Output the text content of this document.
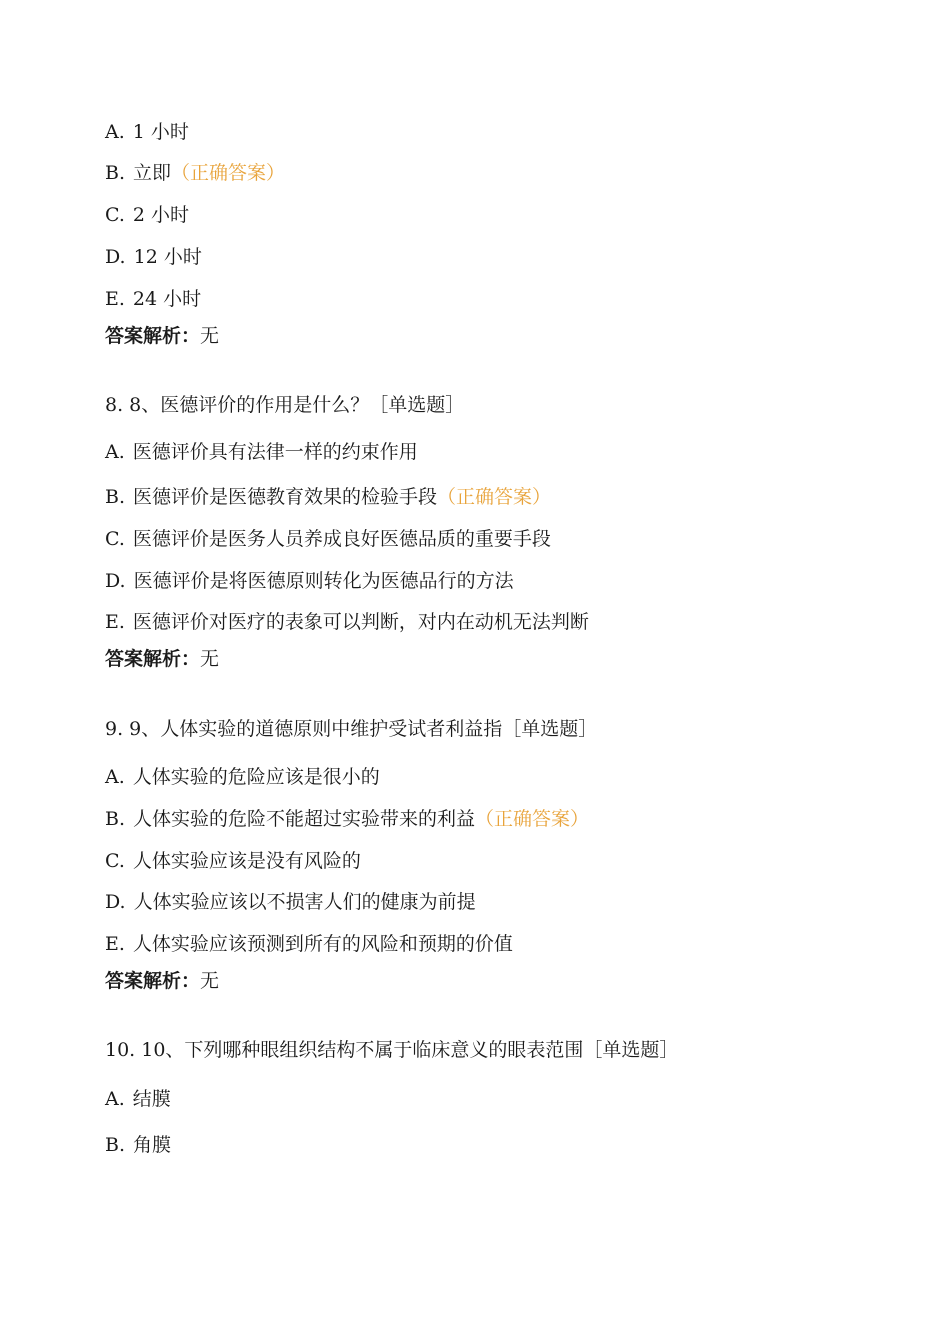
A. 1 小时
B. 立即（正确答案）
C. 2 小时
D. 12 小时
E. 24 小时
答案解析：无
8. 8、医德评价的作用是什么？［单选题］
A. 医德评价具有法律一样的约束作用
B. 医德评价是医德教育效果的检验手段（正确答案）
C. 医德评价是医务人员养成良好医德品质的重要手段
D. 医德评价是将医德原则转化为医德品行的方法
E. 医德评价对医疗的表象可以判断，对内在动机无法判断
答案解析：无
9. 9、人体实验的道德原则中维护受试者利益指［单选题］
A. 人体实验的危险应该是很小的
B. 人体实验的危险不能超过实验带来的利益（正确答案）
C. 人体实验应该是没有风险的
D. 人体实验应该以不损害人们的健康为前提
E. 人体实验应该预测到所有的风险和预期的价值
答案解析：无
10. 10、下列哪种眼组织结构不属于临床意义的眼表范围［单选题］
A. 结膜
B. 角膜
